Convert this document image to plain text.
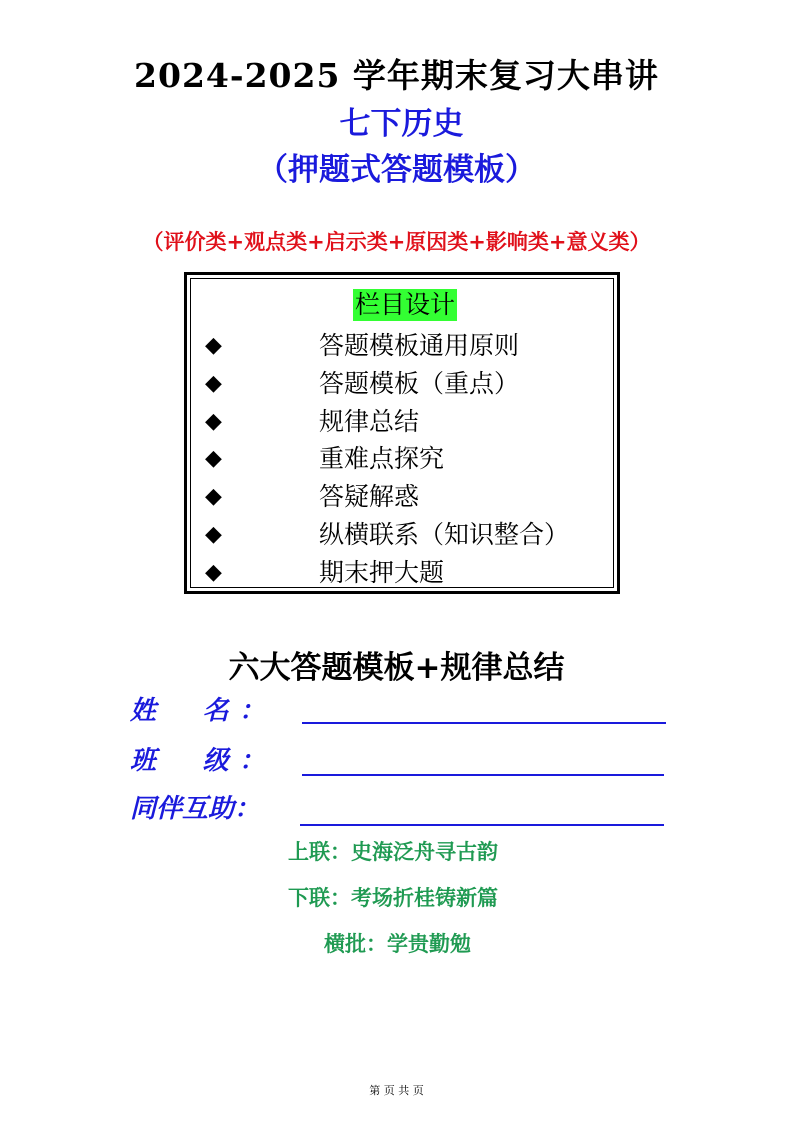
2024-2025 学年期末复习大串讲
七下历史
（押题式答题模板）
（评价类+观点类+启示类+原因类+影响类+意义类）
栏目设计
◆	答题模板通用原则
◆	答题模板（重点）
◆	规律总结
◆	重难点探究
◆	答疑解惑
◆	纵横联系（知识整合）
◆	期末押大题
六大答题模板+规律总结
姓　名：
班　级：
同伴互助：
上联：史海泛舟寻古韵
下联：考场折桂铸新篇
横批：学贵勤勉
第 页 共 页
